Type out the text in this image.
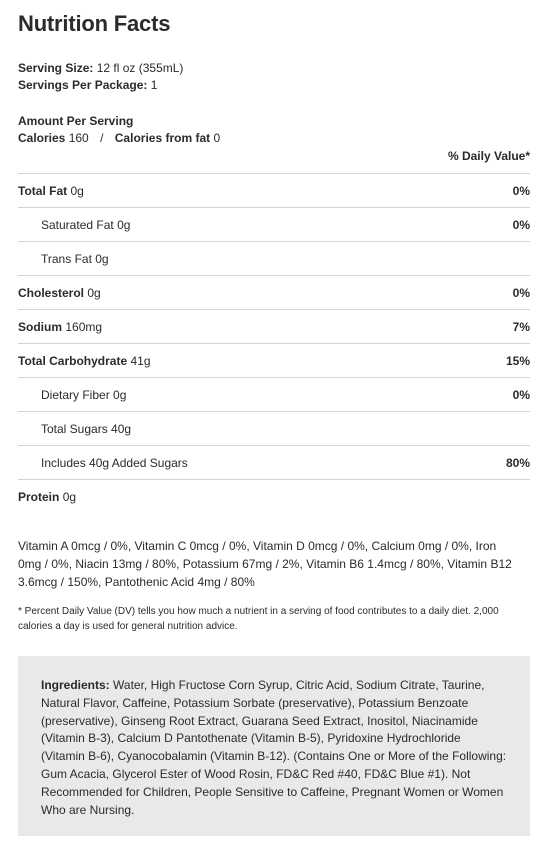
Nutrition Facts
Serving Size: 12 fl oz (355mL)
Servings Per Package: 1
Amount Per Serving
Calories 160 / Calories from fat 0
% Daily Value*
Total Fat 0g	0%
Saturated Fat 0g	0%
Trans Fat 0g
Cholesterol 0g	0%
Sodium 160mg	7%
Total Carbohydrate 41g	15%
Dietary Fiber 0g	0%
Total Sugars 40g
Includes 40g Added Sugars	80%
Protein 0g
Vitamin A 0mcg / 0%, Vitamin C 0mcg / 0%, Vitamin D 0mcg / 0%, Calcium 0mg / 0%, Iron 0mg / 0%, Niacin 13mg / 80%, Potassium 67mg / 2%, Vitamin B6 1.4mcg / 80%, Vitamin B12 3.6mcg / 150%, Pantothenic Acid 4mg / 80%
* Percent Daily Value (DV) tells you how much a nutrient in a serving of food contributes to a daily diet. 2,000 calories a day is used for general nutrition advice.
Ingredients: Water, High Fructose Corn Syrup, Citric Acid, Sodium Citrate, Taurine, Natural Flavor, Caffeine, Potassium Sorbate (preservative), Potassium Benzoate (preservative), Ginseng Root Extract, Guarana Seed Extract, Inositol, Niacinamide (Vitamin B-3), Calcium D Pantothenate (Vitamin B-5), Pyridoxine Hydrochloride (Vitamin B-6), Cyanocobalamin (Vitamin B-12). (Contains One or More of the Following: Gum Acacia, Glycerol Ester of Wood Rosin, FD&C Red #40, FD&C Blue #1). Not Recommended for Children, People Sensitive to Caffeine, Pregnant Women or Women Who are Nursing.
